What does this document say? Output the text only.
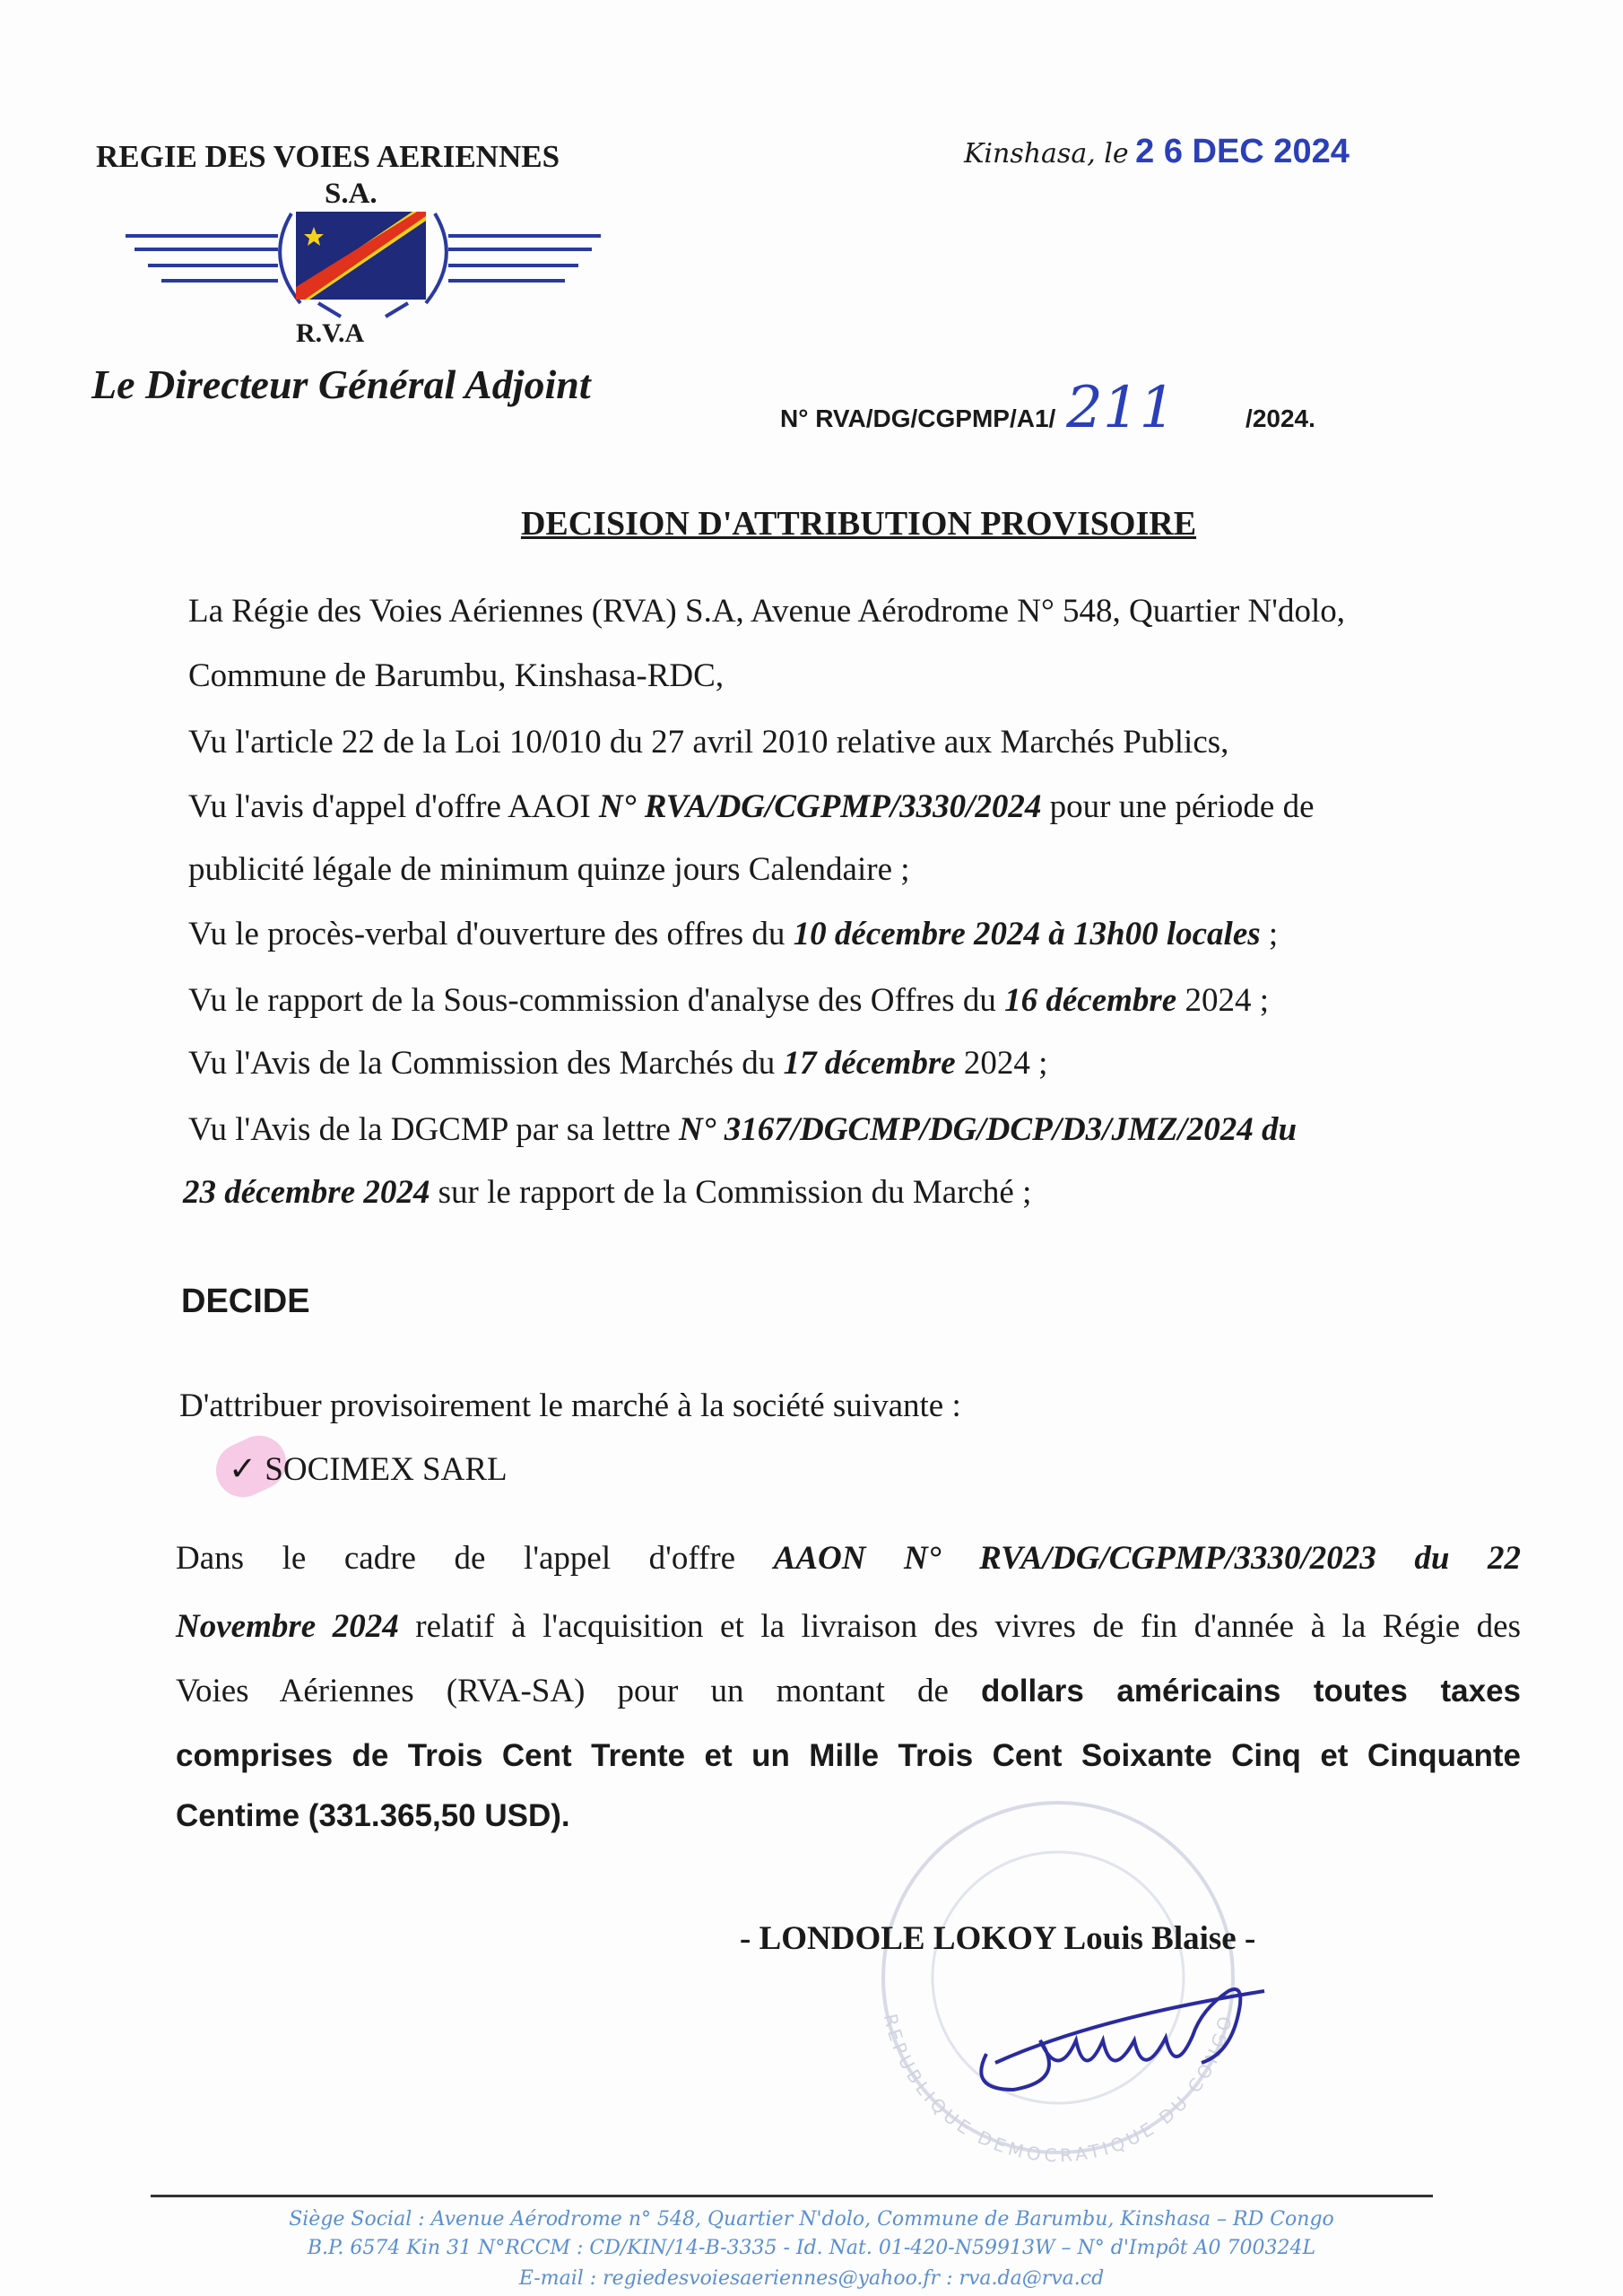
REGIE DES VOIES AERIENNES
S.A.
R.V.A
Le Directeur Général Adjoint
Kinshasa, le 2 6 DEC 2024
N° RVA/DG/CGPMP/A1/ 211	/2024.
DECISION D'ATTRIBUTION PROVISOIRE
La Régie des Voies Aériennes (RVA) S.A, Avenue Aérodrome N° 548, Quartier N'dolo,
Commune de Barumbu, Kinshasa-RDC,
Vu l'article 22 de la Loi 10/010 du 27 avril 2010 relative aux Marchés Publics,
Vu l'avis d'appel d'offre AAOI N° RVA/DG/CGPMP/3330/2024 pour une période de
publicité légale de minimum quinze jours Calendaire ;
Vu le procès-verbal d'ouverture des offres du 10 décembre 2024 à 13h00 locales ;
Vu le rapport de la Sous-commission d'analyse des Offres du 16 décembre 2024 ;
Vu l'Avis de la Commission des Marchés du 17 décembre 2024 ;
Vu l'Avis de la DGCMP par sa lettre N° 3167/DGCMP/DG/DCP/D3/JMZ/2024 du
23 décembre 2024 sur le rapport de la Commission du Marché ;
DECIDE
D'attribuer provisoirement le marché à la société suivante :
✓ SOCIMEX SARL
Dans le cadre de l'appel d'offre AAON N° RVA/DG/CGPMP/3330/2023 du 22
Novembre 2024 relatif à l'acquisition et la livraison des vivres de fin d'année à la Régie des
Voies Aériennes (RVA-SA) pour un montant de dollars américains toutes taxes
comprises de Trois Cent Trente et un Mille Trois Cent Soixante Cinq et Cinquante
Centime (331.365,50 USD).
REPUBLIQUE DEMOCRATIQUE DU CONGO
- LONDOLE LOKOY Louis Blaise -
Siège Social : Avenue Aérodrome n° 548, Quartier N'dolo, Commune de Barumbu, Kinshasa – RD Congo
B.P. 6574 Kin 31 N°RCCM : CD/KIN/14-B-3335 - Id. Nat. 01-420-N59913W – N° d'Impôt A0 700324L
E-mail : regiedesvoiesaeriennes@yahoo.fr : rva.da@rva.cd
